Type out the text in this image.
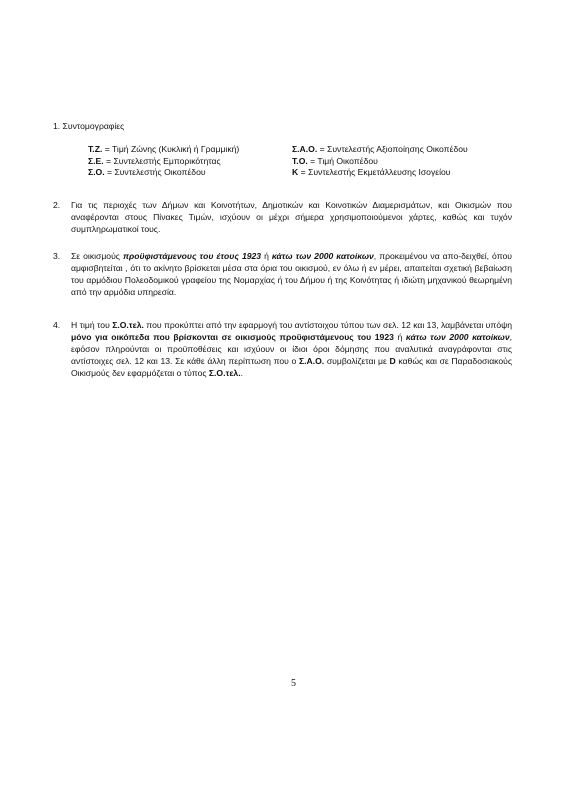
1. Συντομογραφίες
Τ.Ζ. = Τιμή Ζώνης (Κυκλική ή Γραμμική)
Σ.Ε. = Συντελεστής Εμπορικότητας
Σ.Ο. = Συντελεστής Οικοπέδου
Σ.Α.Ο. = Συντελεστής Αξιοποίησης Οικοπέδου
Τ.Ο. = Τιμή Οικοπέδου
Κ = Συντελεστής Εκμετάλλευσης Ισογείου
2. Για τις περιοχές των Δήμων και Κοινοτήτων, Δημοτικών και Κοινοτικών Διαμερισμάτων, και Οικισμών που αναφέρονται στους Πίνακες Τιμών, ισχύουν οι μέχρι σήμερα χρησιμοποιούμενοι χάρτες, καθώς και τυχόν συμπληρωματικοί τους.
3. Σε οικισμούς προϋφιστάμενους του έτους 1923 ή κάτω των 2000 κατοίκων, προκειμένου να απο-δειχθεί, όπου αμφισβητείται , ότι το ακίνητο βρίσκεται μέσα στα όρια του οικισμού, εν όλω ή εν μέρει, απαιτείται σχετική βεβαίωση του αρμόδιου Πολεοδομικού γραφείου της Νομαρχίας ή του Δήμου ή της Κοινότητας ή ιδιώτη μηχανικού θεωρημένη από την αρμόδια υπηρεσία.
4. Η τιμή του Σ.Ο.τελ. που προκύπτει από την εφαρμογή του αντίστοιχου τύπου των σελ. 12 και 13, λαμβάνεται υπόψη μόνο για οικόπεδα που βρίσκονται σε οικισμούς προϋφιστάμενους του 1923 ή κάτω των 2000 κατοίκων, εφόσον πληρούνται οι προϋποθέσεις και ισχύουν οι ίδιοι όροι δόμησης που αναλυτικά αναγράφονται στις αντίστοιχες σελ. 12 και 13. Σε κάθε άλλη περίπτωση που ο Σ.Α.Ο. συμβολίζεται με D καθώς και σε Παραδοσιακούς Οικισμούς δεν εφαρμόζεται ο τύπος Σ.Ο.τελ..
5
